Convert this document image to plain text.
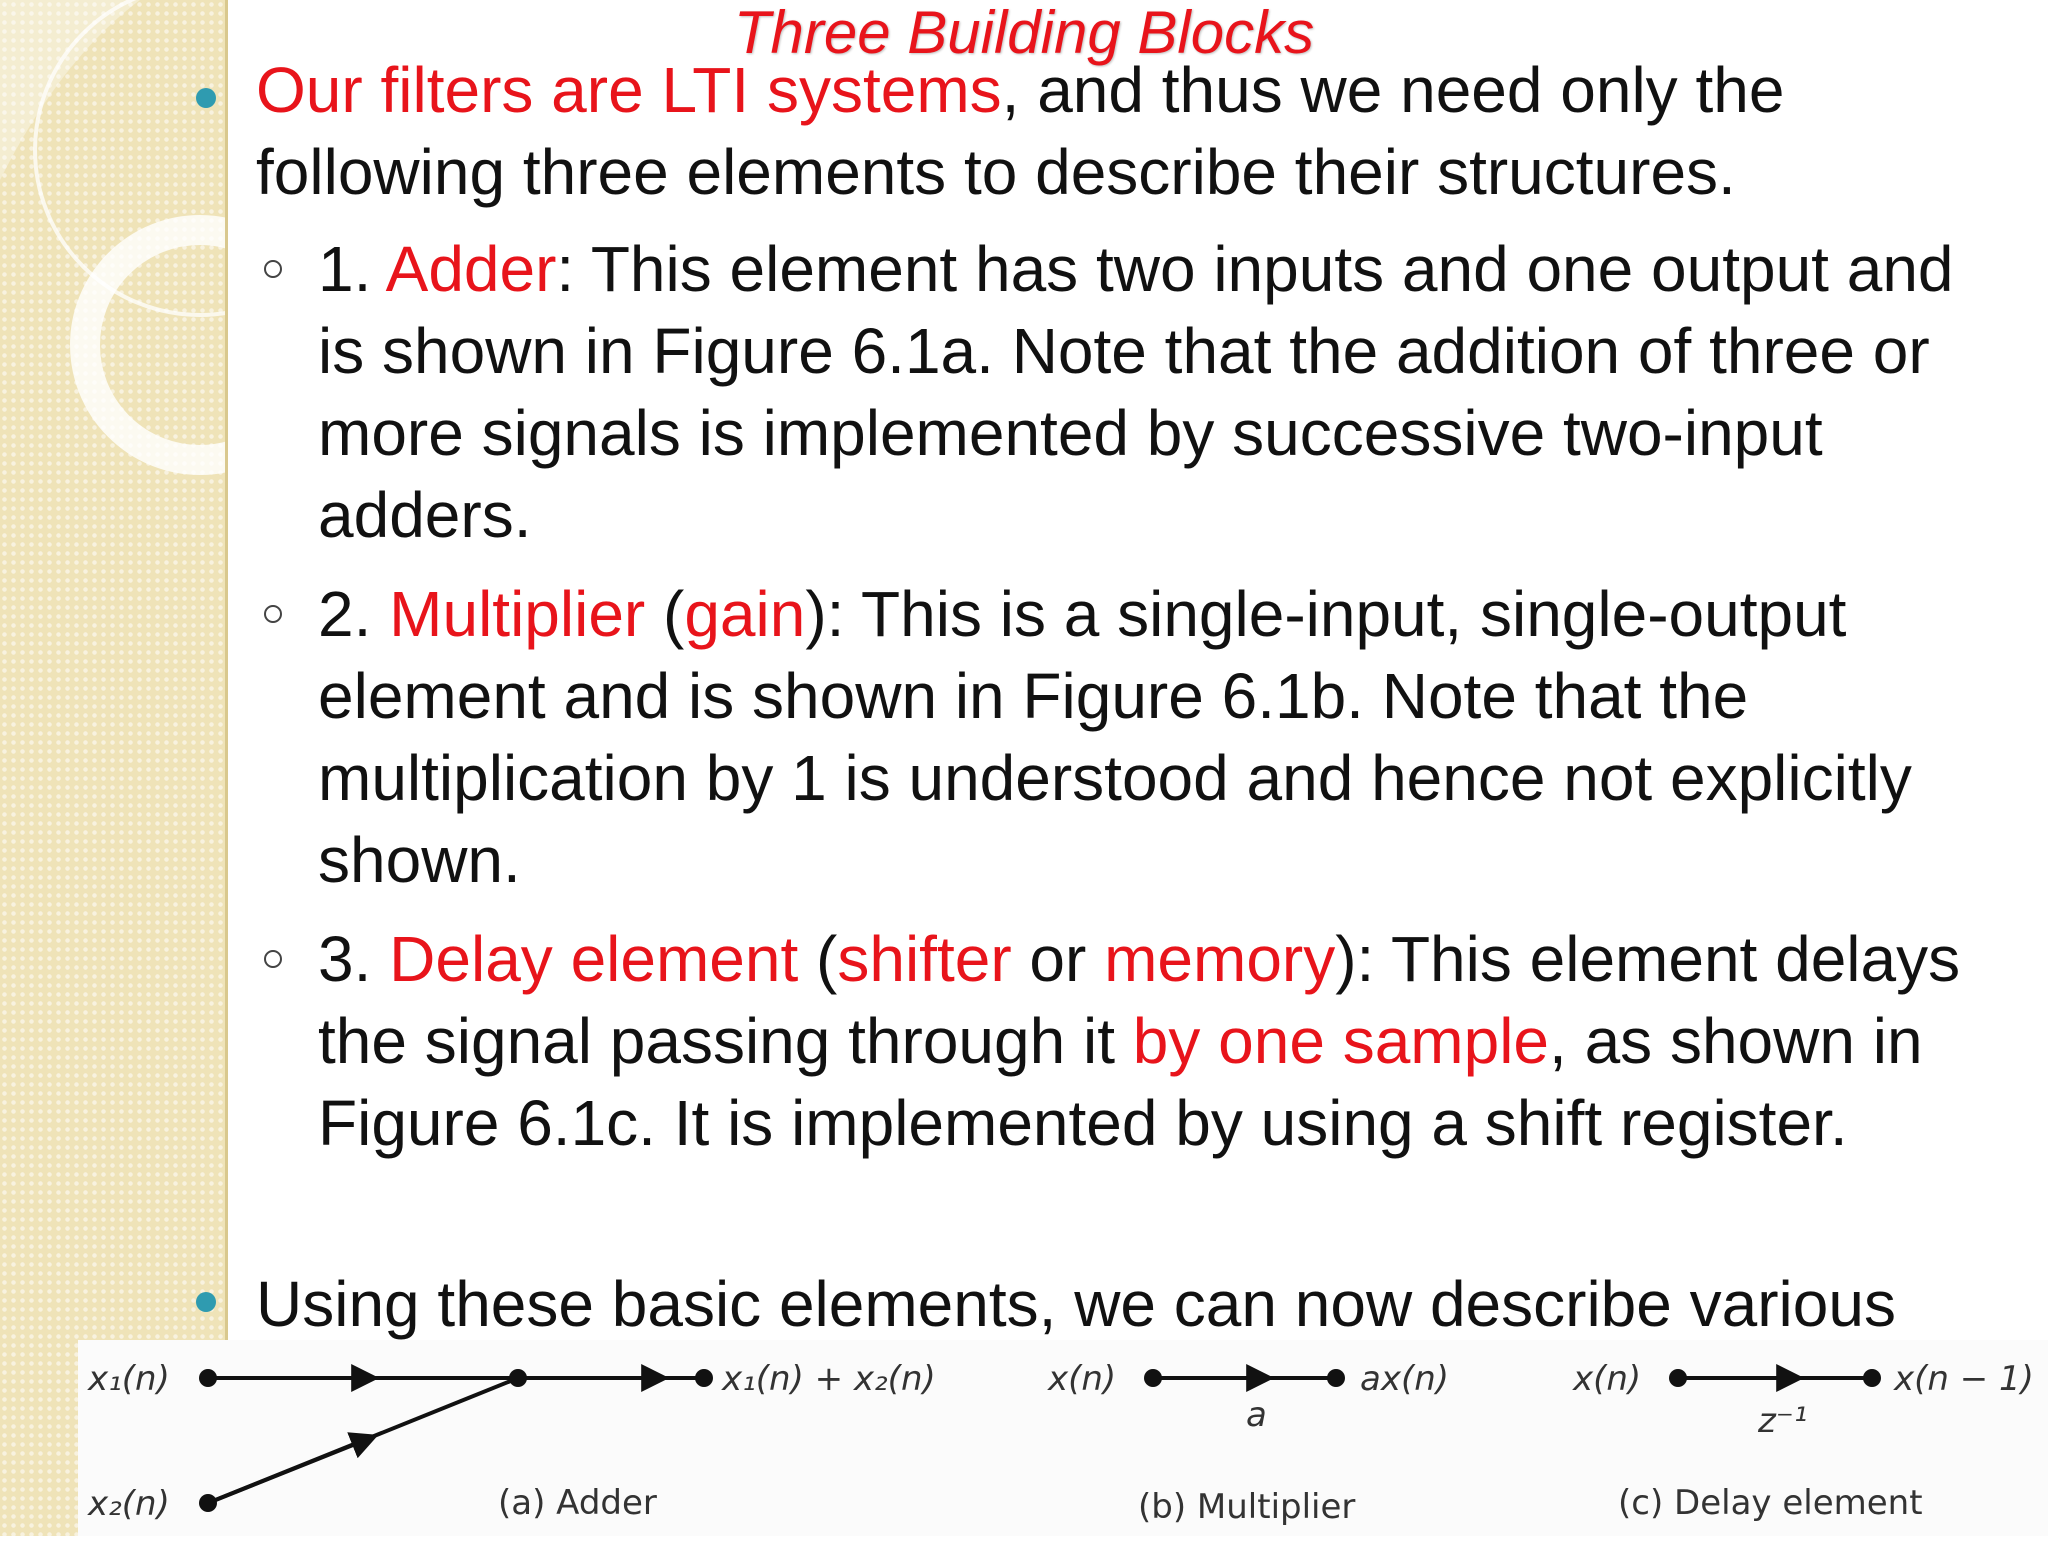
Three Building Blocks

Our filters are LTI systems, and thus we need only the following three elements to describe their structures.

1. Adder: This element has two inputs and one output and is shown in Figure 6.1a. Note that the addition of three or more signals is implemented by successive two-input adders.

2. Multiplier (gain): This is a single-input, single-output element and is shown in Figure 6.1b. Note that the multiplication by 1 is understood and hence not explicitly shown.

3. Delay element (shifter or memory): This element delays the signal passing through it by one sample, as shown in Figure 6.1c. It is implemented by using a shift register.

Using these basic elements, we can now describe various

x₁(n)
x₂(n)
x₁(n) + x₂(n)
(a) Adder
x(n)	ax(n)
a
(b) Multiplier
x(n)	x(n − 1)
z⁻¹
(c) Delay element
